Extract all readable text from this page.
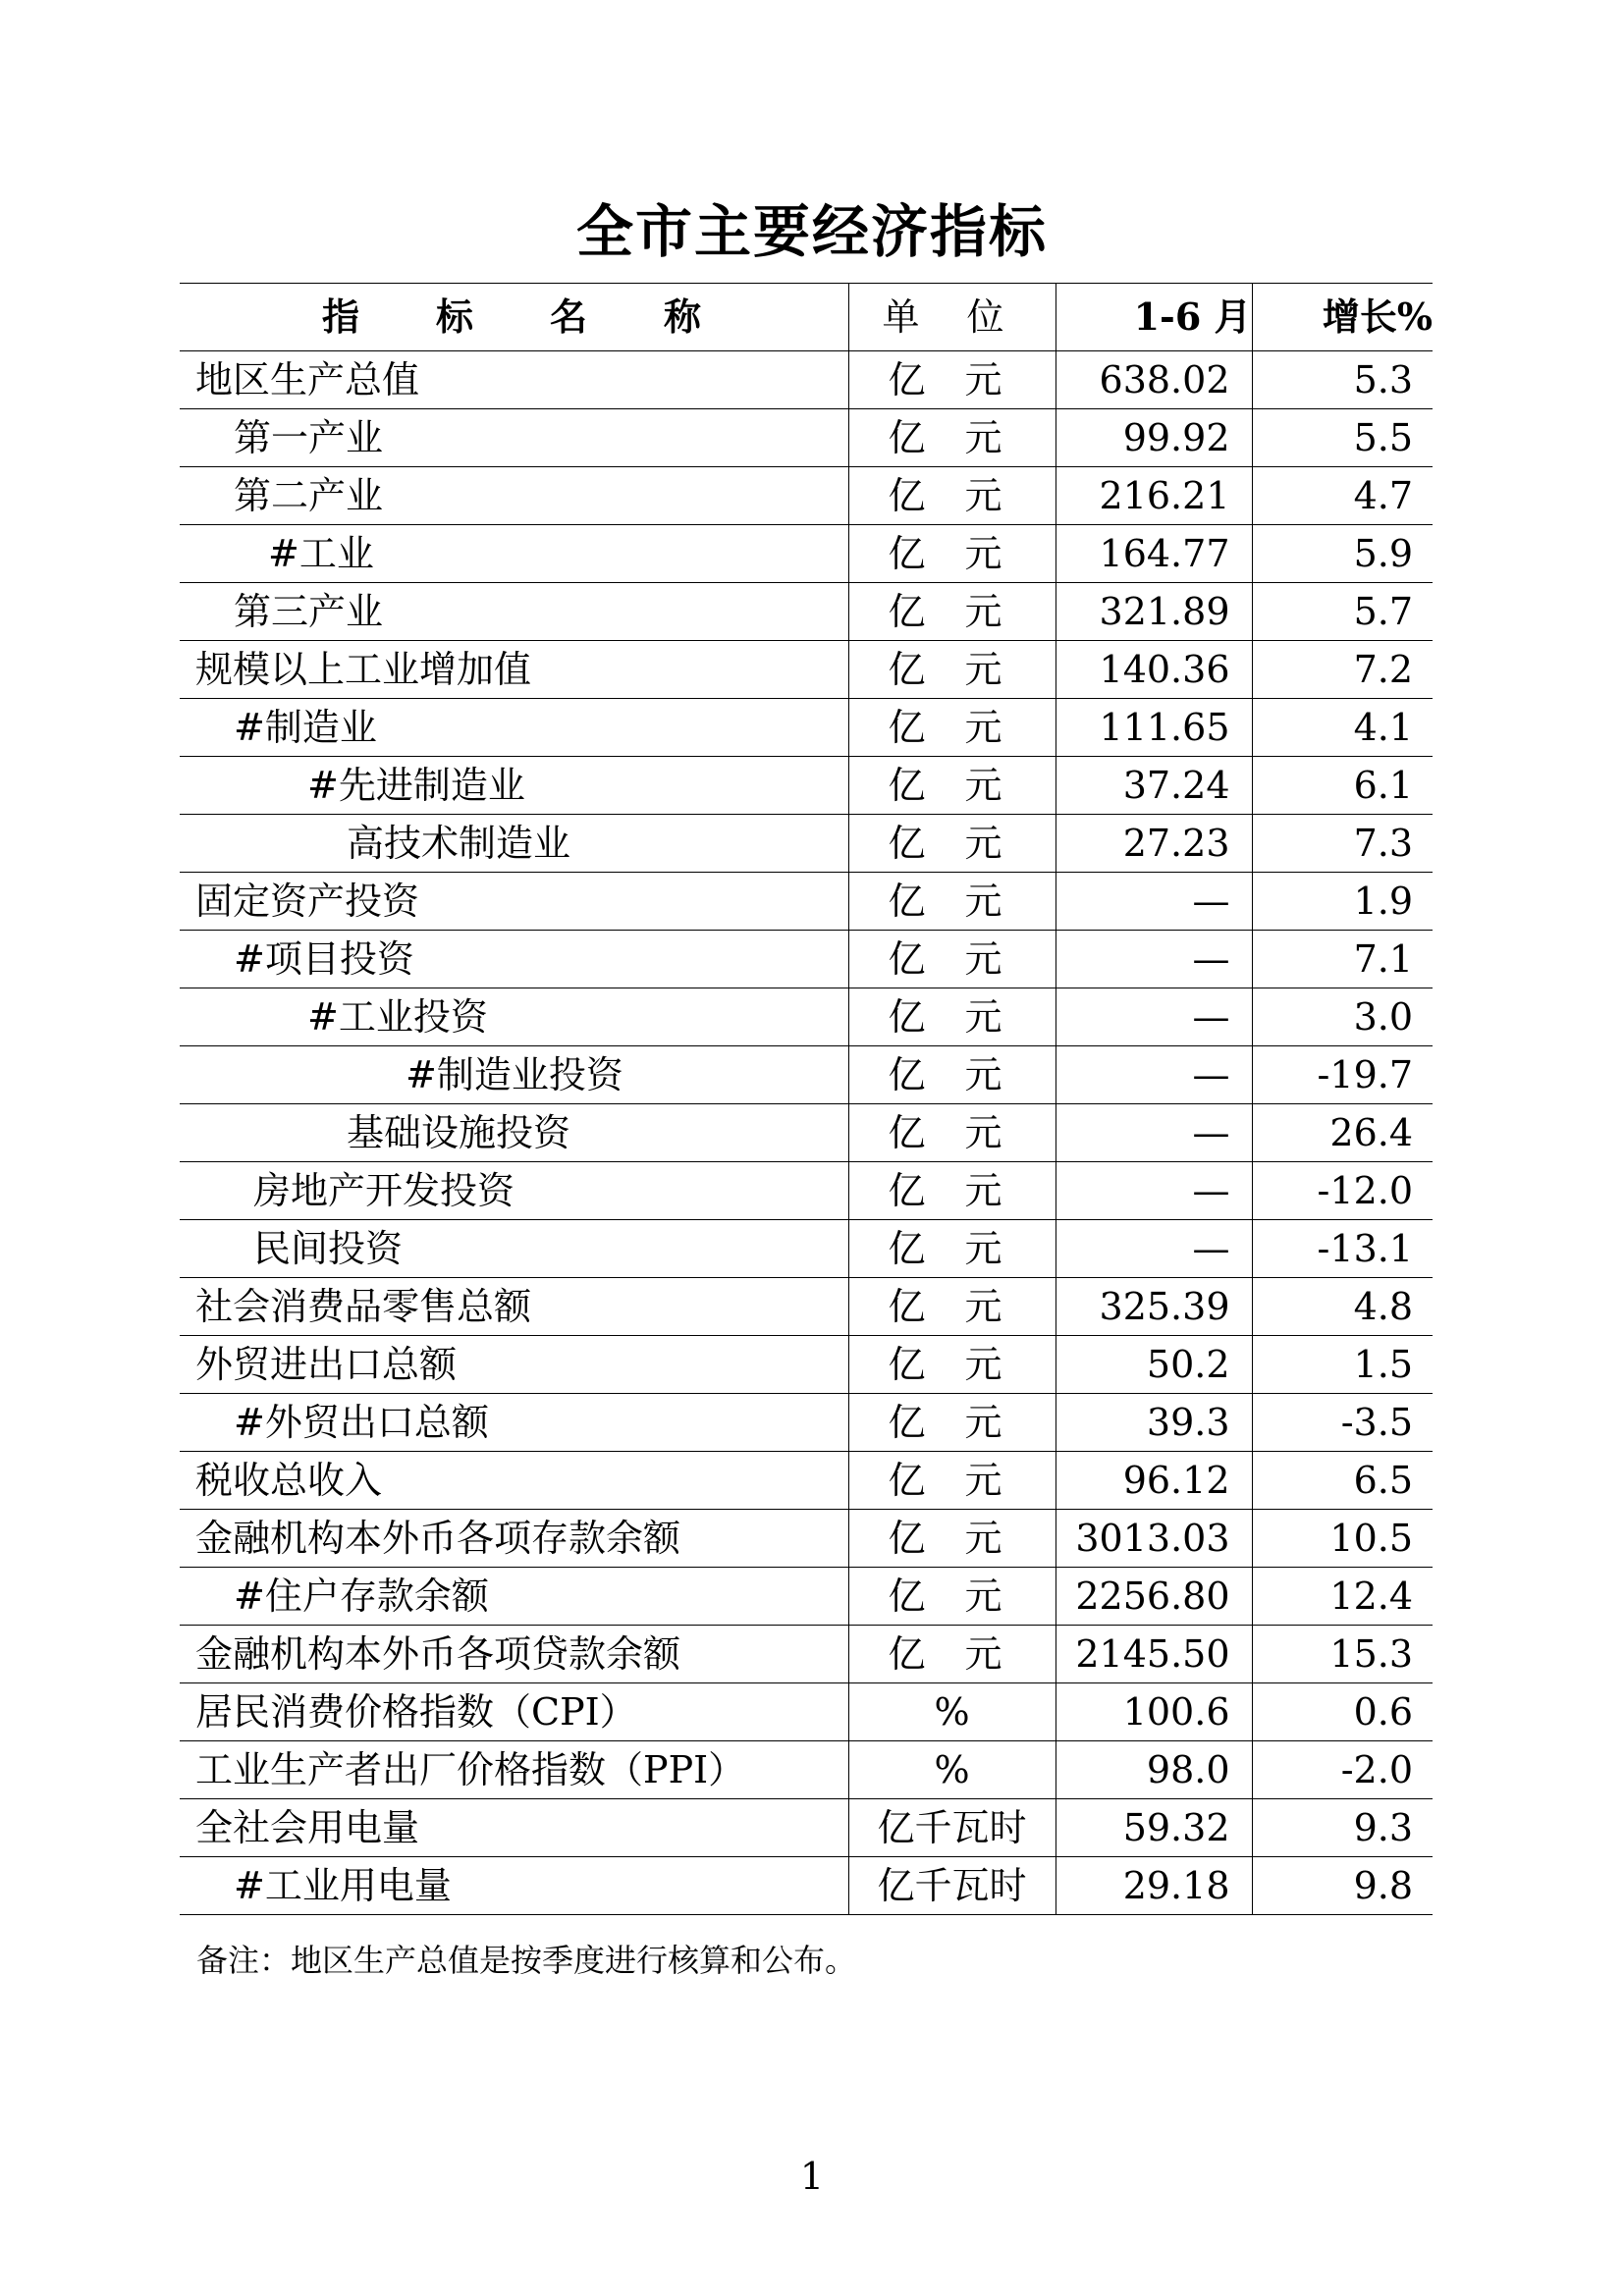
全市主要经济指标
指 标 名 称	单 位	1-6 月	增长%
地区生产总值	亿 元	638.02	5.3
第一产业	亿 元	99.92	5.5
第二产业	亿 元	216.21	4.7
#工业	亿 元	164.77	5.9
第三产业	亿 元	321.89	5.7
规模以上工业增加值	亿 元	140.36	7.2
#制造业	亿 元	111.65	4.1
#先进制造业	亿 元	37.24	6.1
高技术制造业	亿 元	27.23	7.3
固定资产投资	亿 元	—	1.9
#项目投资	亿 元	—	7.1
#工业投资	亿 元	—	3.0
#制造业投资	亿 元	—	-19.7
基础设施投资	亿 元	—	26.4
房地产开发投资	亿 元	—	-12.0
民间投资	亿 元	—	-13.1
社会消费品零售总额	亿 元	325.39	4.8
外贸进出口总额	亿 元	50.2	1.5
#外贸出口总额	亿 元	39.3	-3.5
税收总收入	亿 元	96.12	6.5
金融机构本外币各项存款余额	亿 元	3013.03	10.5
#住户存款余额	亿 元	2256.80	12.4
金融机构本外币各项贷款余额	亿 元	2145.50	15.3
居民消费价格指数（CPI）	%	100.6	0.6
工业生产者出厂价格指数（PPI）	%	98.0	-2.0
全社会用电量	亿千瓦时	59.32	9.3
#工业用电量	亿千瓦时	29.18	9.8
备注：地区生产总值是按季度进行核算和公布。
1
